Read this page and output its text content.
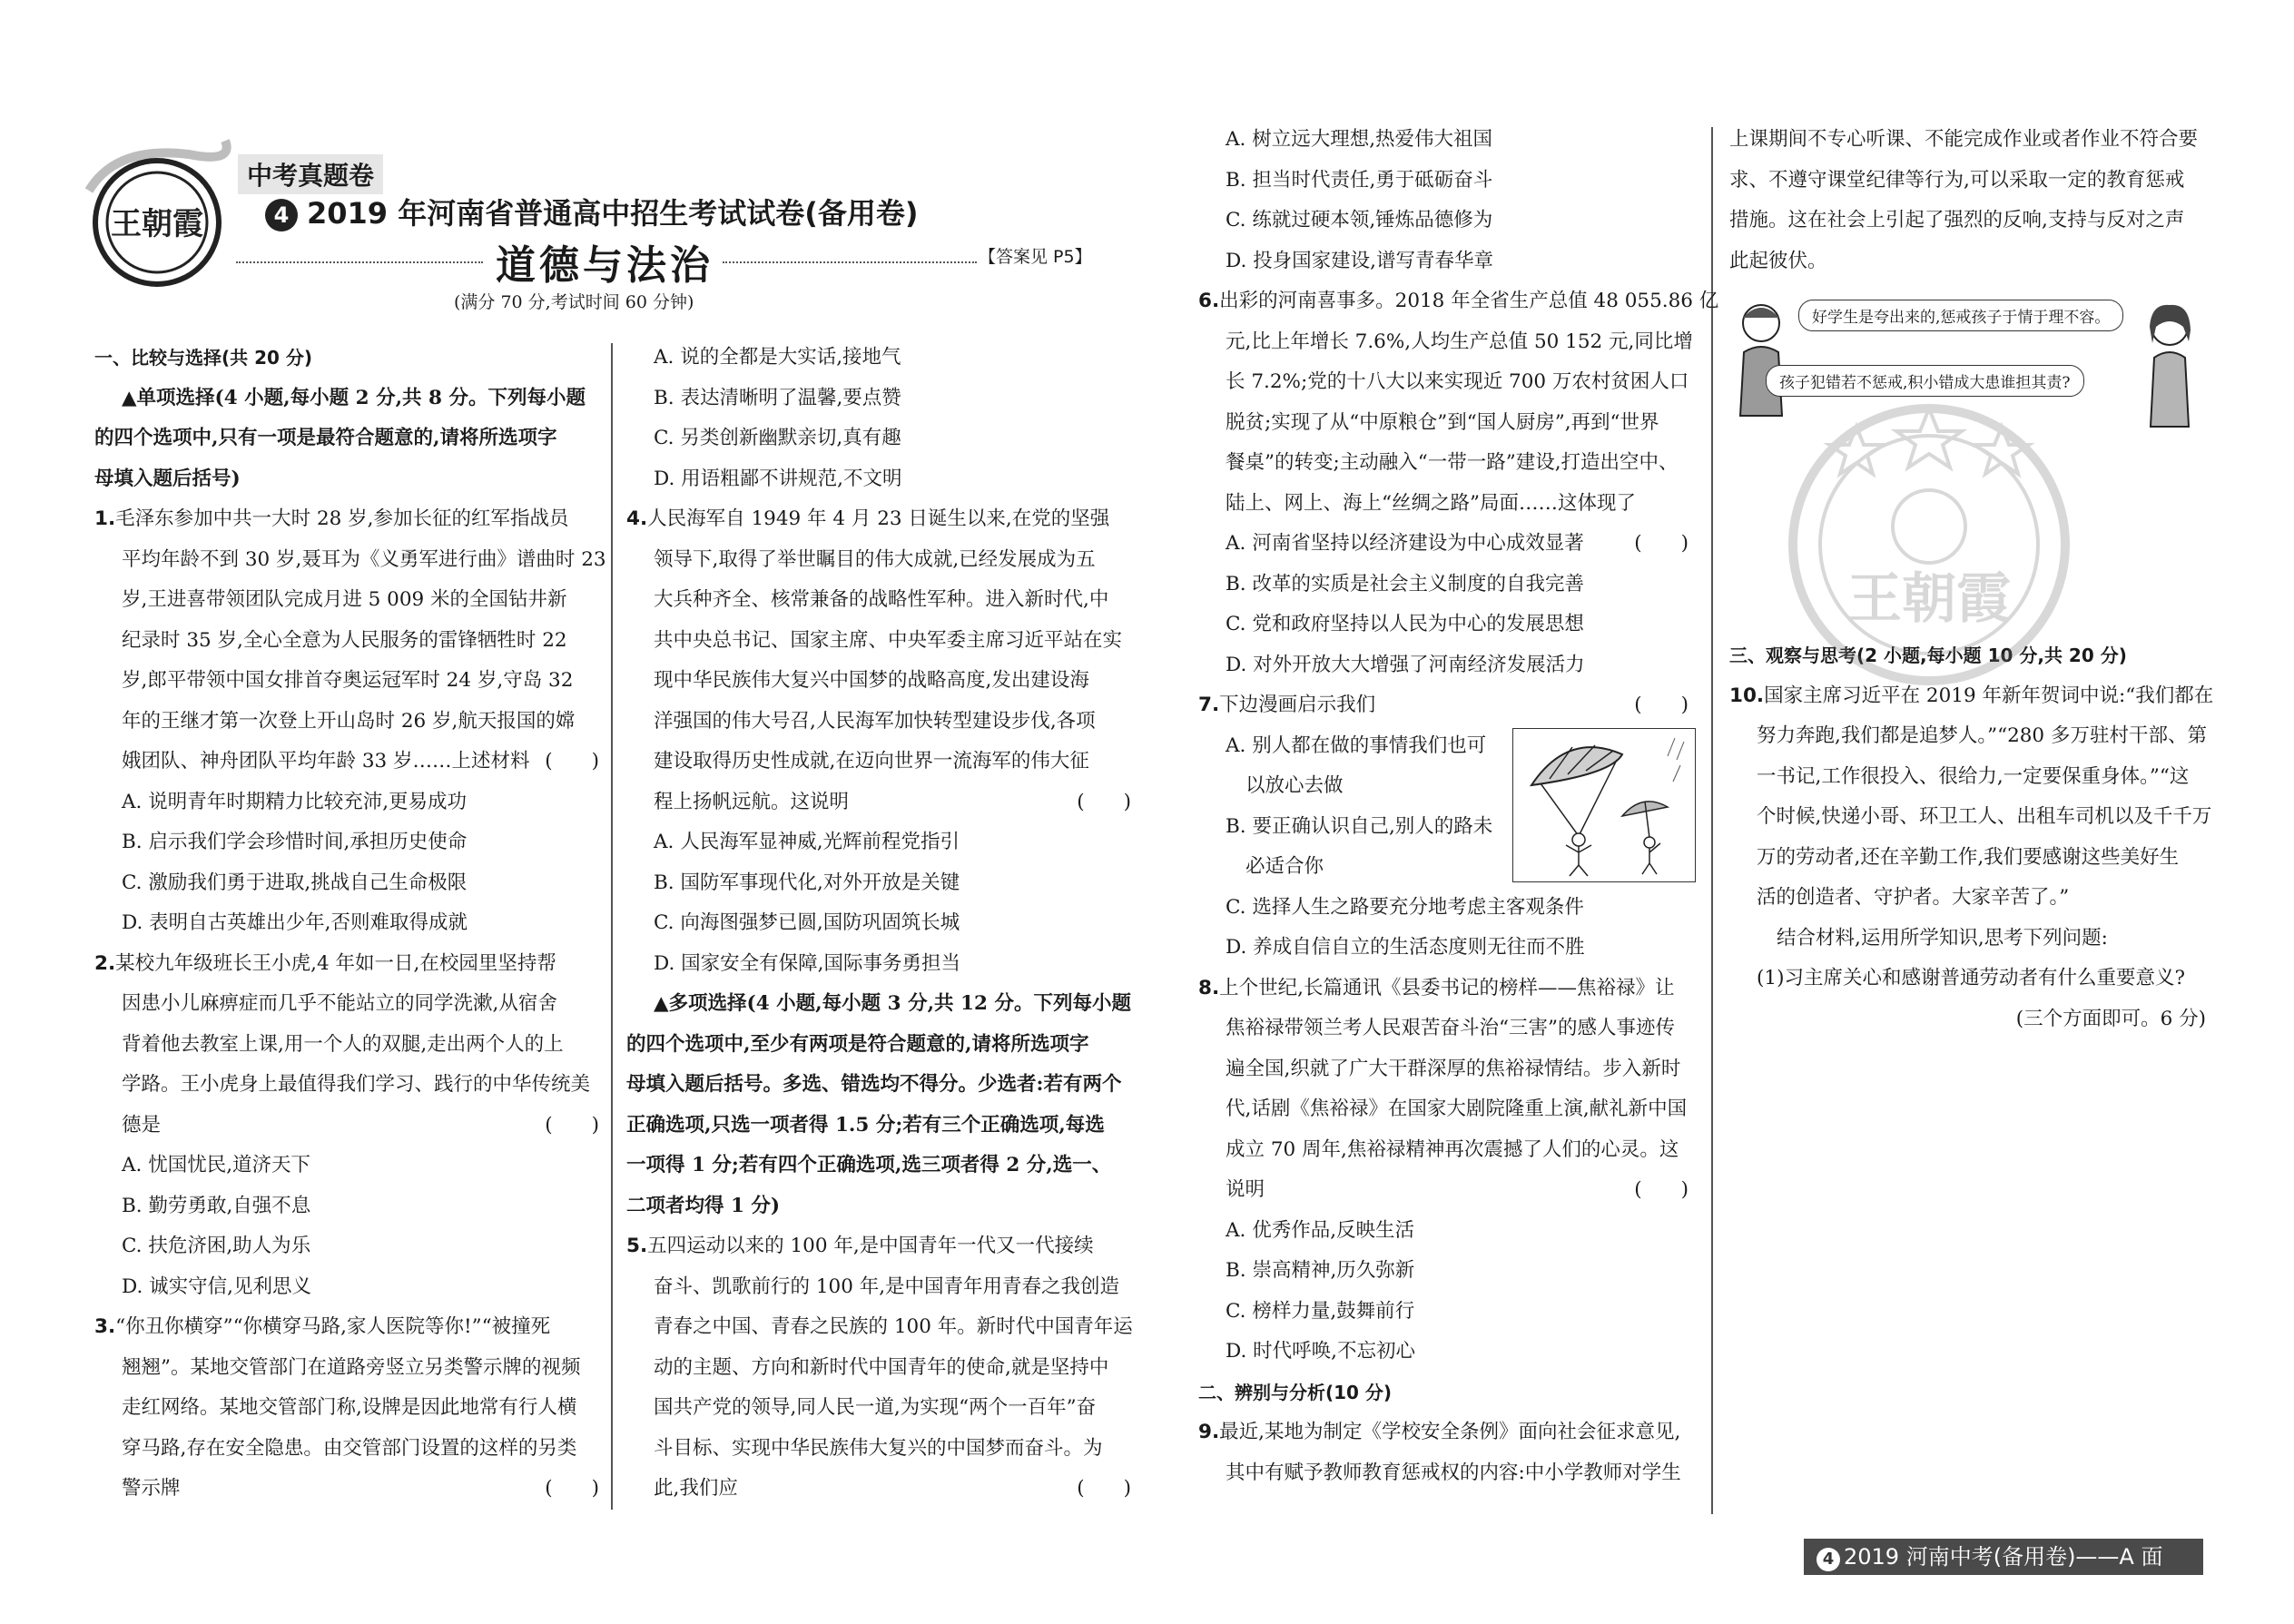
王朝霞
中考真题卷
4 2019 年河南省普通高中招生考试试卷(备用卷)
道德与法治	【答案见 P5】
(满分 70 分,考试时间 60 分钟)
一、比较与选择(共 20 分)
▲单项选择(4 小题,每小题 2 分,共 8 分。下列每小题
的四个选项中,只有一项是最符合题意的,请将所选项字
母填入题后括号)
1.毛泽东参加中共一大时 28 岁,参加长征的红军指战员
平均年龄不到 30 岁,聂耳为《义勇军进行曲》谱曲时 23
岁,王进喜带领团队完成月进 5 009 米的全国钻井新
纪录时 35 岁,全心全意为人民服务的雷锋牺牲时 22
岁,郎平带领中国女排首夺奥运冠军时 24 岁,守岛 32
年的王继才第一次登上开山岛时 26 岁,航天报国的嫦
娥团队、神舟团队平均年龄 33 岁……上述材料 (　　)
A. 说明青年时期精力比较充沛,更易成功
B. 启示我们学会珍惜时间,承担历史使命
C. 激励我们勇于进取,挑战自己生命极限
D. 表明自古英雄出少年,否则难取得成就
2.某校九年级班长王小虎,4 年如一日,在校园里坚持帮
因患小儿麻痹症而几乎不能站立的同学洗漱,从宿舍
背着他去教室上课,用一个人的双腿,走出两个人的上
学路。王小虎身上最值得我们学习、践行的中华传统美
德是	(　　)
A. 忧国忧民,道济天下
B. 勤劳勇敢,自强不息
C. 扶危济困,助人为乐
D. 诚实守信,见利思义
3.“你丑你横穿”“你横穿马路,家人医院等你!”“被撞死
翘翘”。某地交管部门在道路旁竖立另类警示牌的视频
走红网络。某地交管部门称,设牌是因此地常有行人横
穿马路,存在安全隐患。由交管部门设置的这样的另类
警示牌	(　　)
A. 说的全都是大实话,接地气
B. 表达清晰明了温馨,要点赞
C. 另类创新幽默亲切,真有趣
D. 用语粗鄙不讲规范,不文明
4.人民海军自 1949 年 4 月 23 日诞生以来,在党的坚强
领导下,取得了举世瞩目的伟大成就,已经发展成为五
大兵种齐全、核常兼备的战略性军种。进入新时代,中
共中央总书记、国家主席、中央军委主席习近平站在实
现中华民族伟大复兴中国梦的战略高度,发出建设海
洋强国的伟大号召,人民海军加快转型建设步伐,各项
建设取得历史性成就,在迈向世界一流海军的伟大征
程上扬帆远航。这说明	(　　)
A. 人民海军显神威,光辉前程党指引
B. 国防军事现代化,对外开放是关键
C. 向海图强梦已圆,国防巩固筑长城
D. 国家安全有保障,国际事务勇担当
▲多项选择(4 小题,每小题 3 分,共 12 分。下列每小题
的四个选项中,至少有两项是符合题意的,请将所选项字
母填入题后括号。多选、错选均不得分。少选者:若有两个
正确选项,只选一项者得 1.5 分;若有三个正确选项,每选
一项得 1 分;若有四个正确选项,选三项者得 2 分,选一、
二项者均得 1 分)
5.五四运动以来的 100 年,是中国青年一代又一代接续
奋斗、凯歌前行的 100 年,是中国青年用青春之我创造
青春之中国、青春之民族的 100 年。新时代中国青年运
动的主题、方向和新时代中国青年的使命,就是坚持中
国共产党的领导,同人民一道,为实现“两个一百年”奋
斗目标、实现中华民族伟大复兴的中国梦而奋斗。为
此,我们应	(　　)
A. 树立远大理想,热爱伟大祖国
B. 担当时代责任,勇于砥砺奋斗
C. 练就过硬本领,锤炼品德修为
D. 投身国家建设,谱写青春华章
6.出彩的河南喜事多。2018 年全省生产总值 48 055.86 亿
元,比上年增长 7.6%,人均生产总值 50 152 元,同比增
长 7.2%;党的十八大以来实现近 700 万农村贫困人口
脱贫;实现了从“中原粮仓”到“国人厨房”,再到“世界
餐桌”的转变;主动融入“一带一路”建设,打造出空中、
陆上、网上、海上“丝绸之路”局面……这体现了
(　　)
A. 河南省坚持以经济建设为中心成效显著
B. 改革的实质是社会主义制度的自我完善
C. 党和政府坚持以人民为中心的发展思想
D. 对外开放大大增强了河南经济发展活力
7.下边漫画启示我们	(　　)
A. 别人都在做的事情我们也可
以放心去做
B. 要正确认识自己,别人的路未
必适合你
C. 选择人生之路要充分地考虑主客观条件
D. 养成自信自立的生活态度则无往而不胜
8.上个世纪,长篇通讯《县委书记的榜样——焦裕禄》让
焦裕禄带领兰考人民艰苦奋斗治“三害”的感人事迹传
遍全国,织就了广大干群深厚的焦裕禄情结。步入新时
代,话剧《焦裕禄》在国家大剧院隆重上演,献礼新中国
成立 70 周年,焦裕禄精神再次震撼了人们的心灵。这
说明	(　　)
A. 优秀作品,反映生活
B. 崇高精神,历久弥新
C. 榜样力量,鼓舞前行
D. 时代呼唤,不忘初心
二、辨别与分析(10 分)
9.最近,某地为制定《学校安全条例》面向社会征求意见,
其中有赋予教师教育惩戒权的内容:中小学教师对学生
上课期间不专心听课、不能完成作业或者作业不符合要
求、不遵守课堂纪律等行为,可以采取一定的教育惩戒
措施。这在社会上引起了强烈的反响,支持与反对之声
此起彼伏。
好学生是夸出来的,惩戒孩子于情于理不容。
孩子犯错若不惩戒,积小错成大患谁担其责?
王朝霞
三、观察与思考(2 小题,每小题 10 分,共 20 分)
10.国家主席习近平在 2019 年新年贺词中说:“我们都在
努力奔跑,我们都是追梦人。”“280 多万驻村干部、第
一书记,工作很投入、很给力,一定要保重身体。”“这
个时候,快递小哥、环卫工人、出租车司机以及千千万
万的劳动者,还在辛勤工作,我们要感谢这些美好生
活的创造者、守护者。大家辛苦了。”
结合材料,运用所学知识,思考下列问题:
(1)习主席关心和感谢普通劳动者有什么重要意义?
(三个方面即可。6 分)
4 2019 河南中考(备用卷)——A 面
